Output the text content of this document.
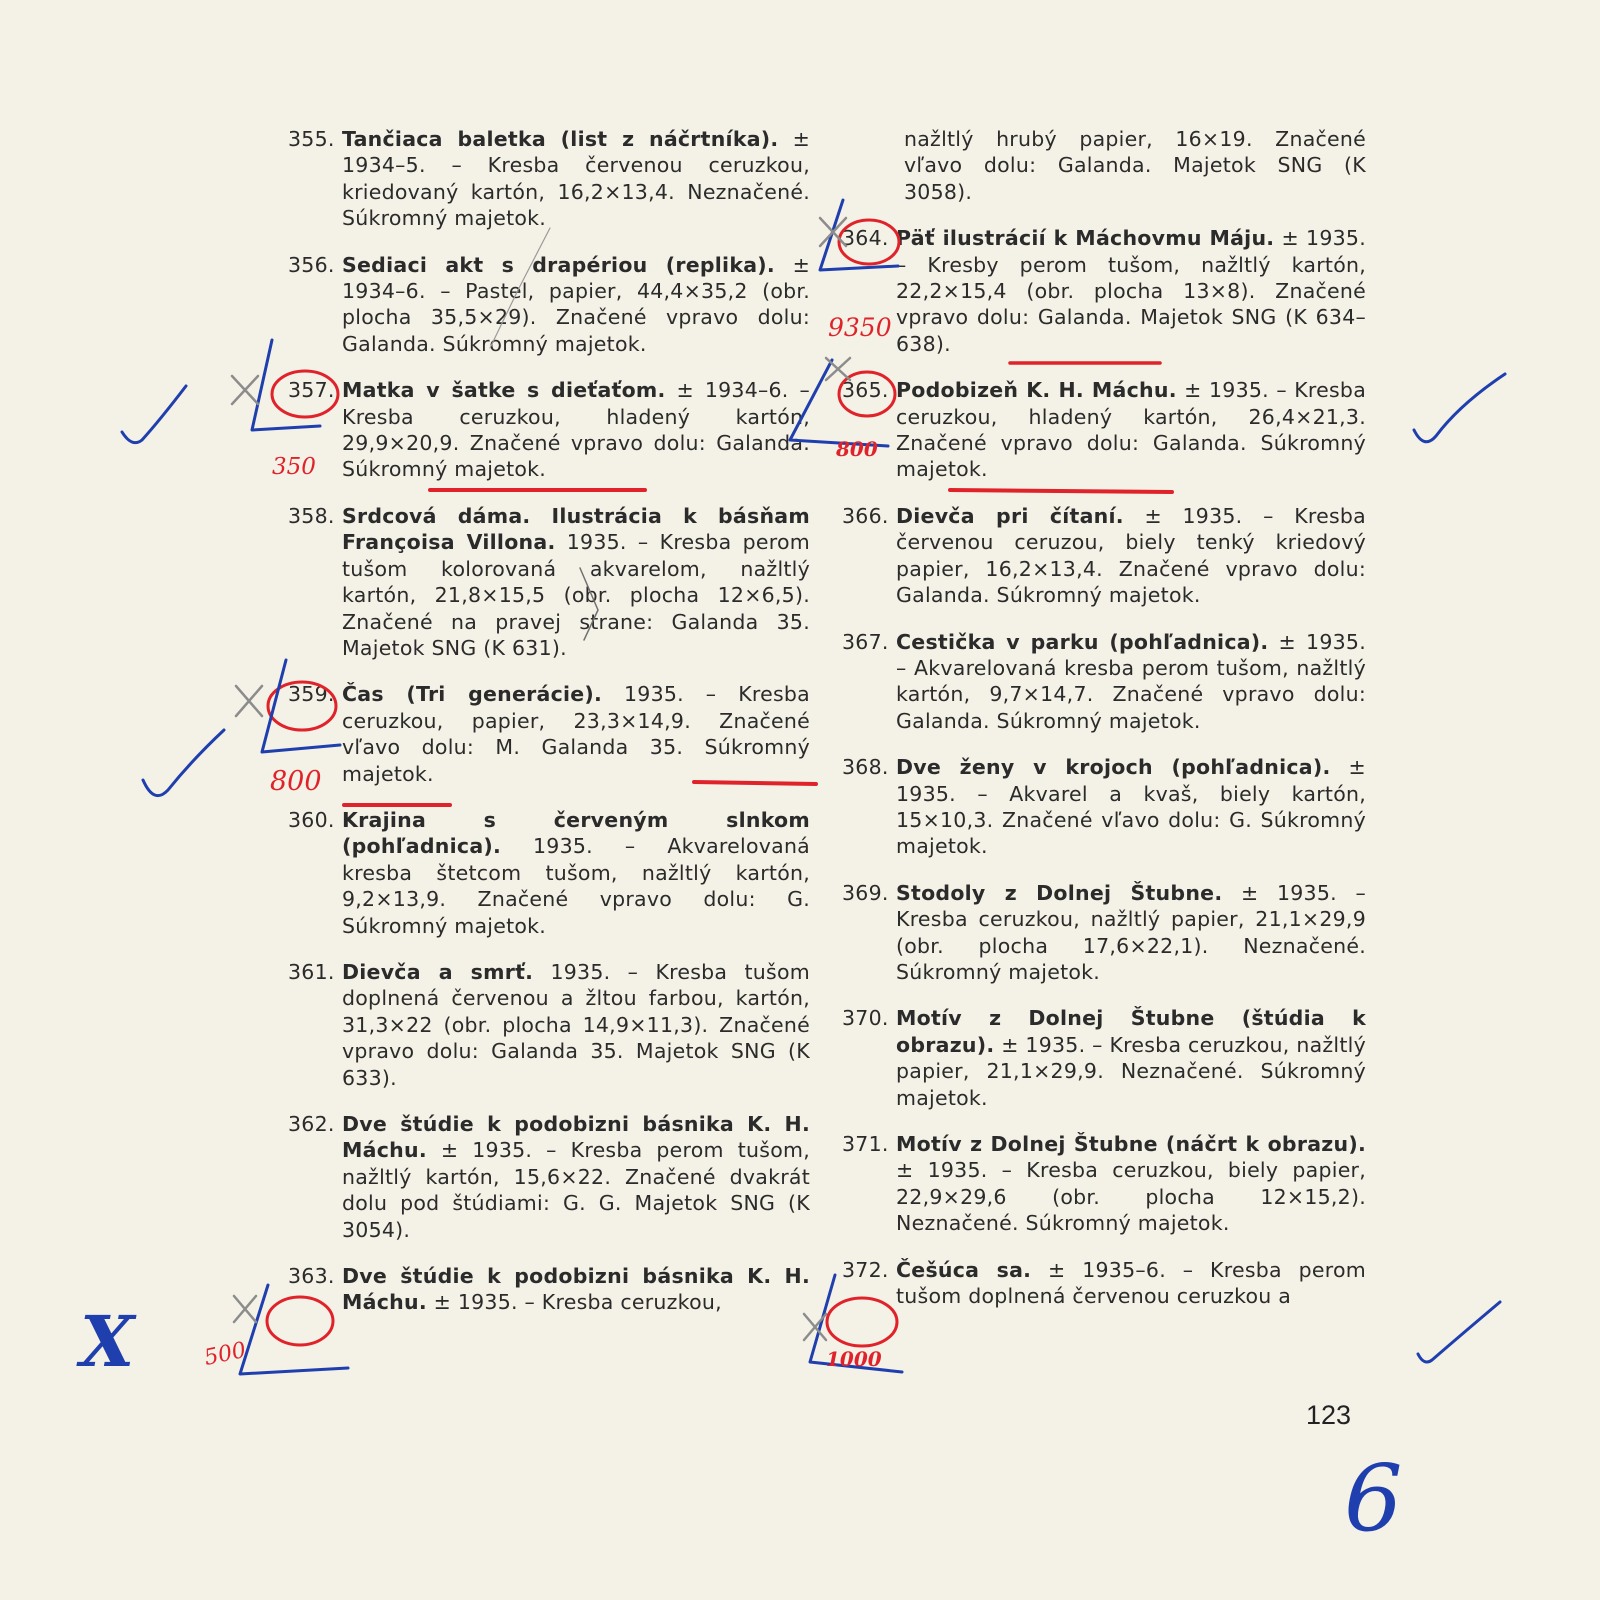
355. Tančiaca baletka (list z náčrtníka). ± 1934–5. – Kresba červenou ceruzkou, kriedovaný kartón, 16,2×13,4. Neznačené. Súkromný majetok.
356. Sediaci akt s drapériou (replika). ± 1934–6. – Pastel, papier, 44,4×35,2 (obr. plocha 35,5×29). Značené vpravo dolu: Galanda. Súkromný majetok.
357. Matka v šatke s dieťaťom. ± 1934–6. – Kresba ceruzkou, hladený kartón, 29,9×20,9. Značené vpravo dolu: Galanda. Súkromný majetok.
358. Srdcová dáma. Ilustrácia k básňam Françoisa Villona. 1935. – Kresba perom tušom kolorovaná akvarelom, nažltlý kartón, 21,8×15,5 (obr. plocha 12×6,5). Značené na pravej strane: Galanda 35. Majetok SNG (K 631).
359. Čas (Tri generácie). 1935. – Kresba ceruzkou, papier, 23,3×14,9. Značené vľavo dolu: M. Galanda 35. Súkromný majetok.
360. Krajina s červeným slnkom (pohľadnica). 1935. – Akvarelovaná kresba štetcom tušom, nažltlý kartón, 9,2×13,9. Značené vpravo dolu: G. Súkromný majetok.
361. Dievča a smrť. 1935. – Kresba tušom doplnená červenou a žltou farbou, kartón, 31,3×22 (obr. plocha 14,9×11,3). Značené vpravo dolu: Galanda 35. Majetok SNG (K 633).
362. Dve štúdie k podobizni básnika K. H. Máchu. ± 1935. – Kresba perom tušom, nažltlý kartón, 15,6×22. Značené dvakrát dolu pod štúdiami: G. G. Majetok SNG (K 3054).
363. Dve štúdie k podobizni básnika K. H. Máchu. ± 1935. – Kresba ceruzkou,
nažltlý hrubý papier, 16×19. Značené vľavo dolu: Galanda. Majetok SNG (K 3058).
364. Päť ilustrácií k Máchovmu Máju. ± 1935. – Kresby perom tušom, nažltlý kartón, 22,2×15,4 (obr. plocha 13×8). Značené vpravo dolu: Galanda. Majetok SNG (K 634–638).
365. Podobizeň K. H. Máchu. ± 1935. – Kresba ceruzkou, hladený kartón, 26,4×21,3. Značené vpravo dolu: Galanda. Súkromný majetok.
366. Dievča pri čítaní. ± 1935. – Kresba červenou ceruzou, biely tenký kriedový papier, 16,2×13,4. Značené vpravo dolu: Galanda. Súkromný majetok.
367. Cestička v parku (pohľadnica). ± 1935. – Akvarelovaná kresba perom tušom, nažltlý kartón, 9,7×14,7. Značené vpravo dolu: Galanda. Súkromný majetok.
368. Dve ženy v krojoch (pohľadnica). ± 1935. – Akvarel a kvaš, biely kartón, 15×10,3. Značené vľavo dolu: G. Súkromný majetok.
369. Stodoly z Dolnej Štubne. ± 1935. – Kresba ceruzkou, nažltlý papier, 21,1×29,9 (obr. plocha 17,6×22,1). Neznačené. Súkromný majetok.
370. Motív z Dolnej Štubne (štúdia k obrazu). ± 1935. – Kresba ceruzkou, nažltlý papier, 21,1×29,9. Neznačené. Súkromný majetok.
371. Motív z Dolnej Štubne (náčrt k obrazu). ± 1935. – Kresba ceruzkou, biely papier, 22,9×29,6 (obr. plocha 12×15,2). Neznačené. Súkromný majetok.
372. Češúca sa. ± 1935–6. – Kresba perom tušom doplnená červenou ceruzkou a
123
350
800
500
9350
800
1000
X
6
